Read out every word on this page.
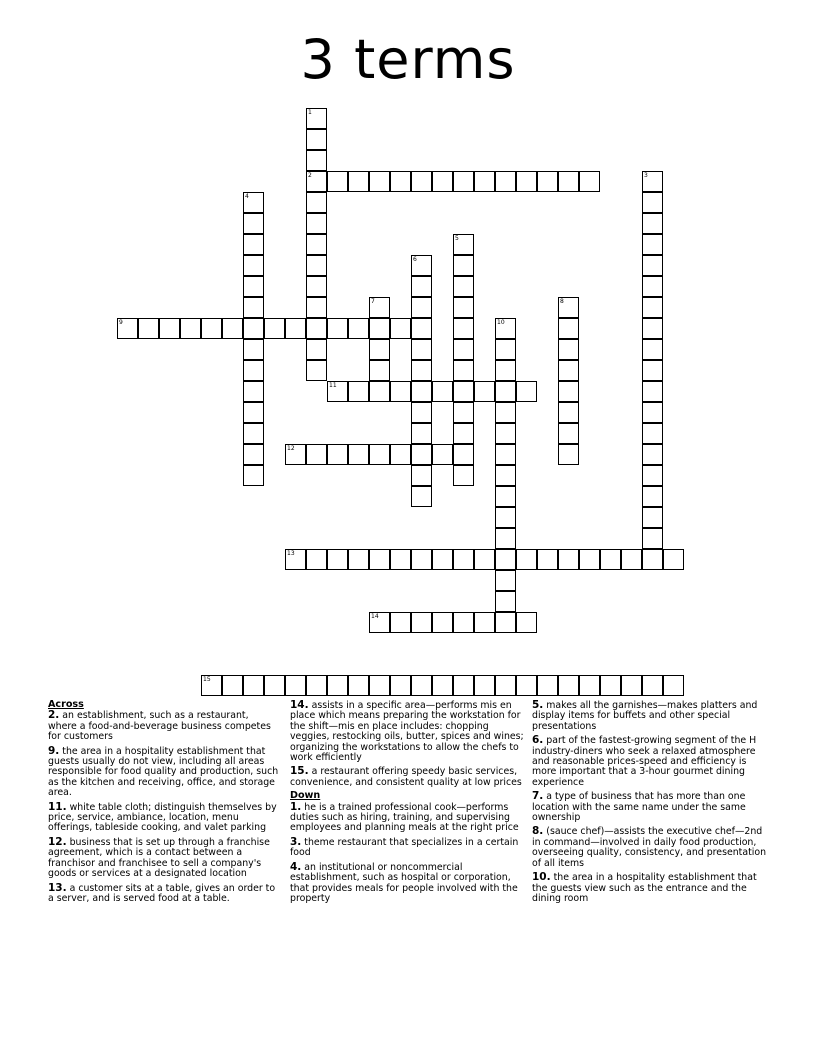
3 terms
1
2	3
4
5
6
7	8
9	10
11
12
13
14
15
Across
2. an establishment, such as a restaurant, where a food-and-beverage business competes for customers
9. the area in a hospitality establishment that guests usually do not view, including all areas responsible for food quality and production, such as the kitchen and receiving, office, and storage area.
11. white table cloth; distinguish themselves by price, service, ambiance, location, menu offerings, tableside cooking, and valet parking
12. business that is set up through a franchise agreement, which is a contact between a franchisor and franchisee to sell a company's goods or services at a designated location
13. a customer sits at a table, gives an order to a server, and is served food at a table.
14. assists in a specific area—performs mis en place which means preparing the workstation for the shift—mis en place includes: chopping veggies, restocking oils, butter, spices and wines; organizing the workstations to allow the chefs to work efficiently
15. a restaurant offering speedy basic services, convenience, and consistent quality at low prices
Down
1. he is a trained professional cook—performs duties such as hiring, training, and supervising employees and planning meals at the right price
3. theme restaurant that specializes in a certain food
4. an institutional or noncommercial establishment, such as hospital or corporation, that provides meals for people involved with the property
5. makes all the garnishes—makes platters and display items for buffets and other special presentations
6. part of the fastest-growing segment of the H industry-diners who seek a relaxed atmosphere and reasonable prices-speed and efficiency is more important that a 3-hour gourmet dining experience
7. a type of business that has more than one location with the same name under the same ownership
8. (sauce chef)—assists the executive chef—2nd in command—involved in daily food production, overseeing quality, consistency, and presentation of all items
10. the area in a hospitality establishment that the guests view such as the entrance and the dining room
